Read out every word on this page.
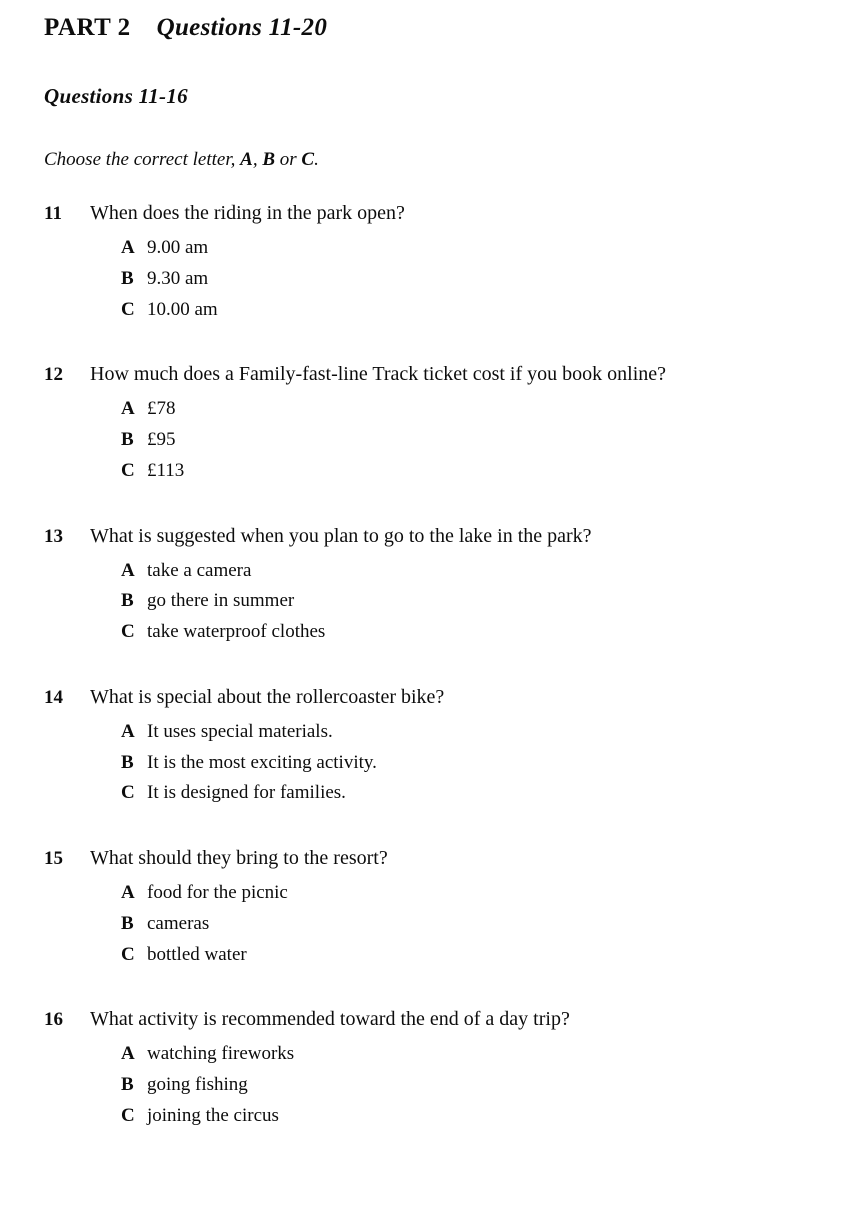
PART 2 Questions 11-20
Questions 11-16
Choose the correct letter, A, B or C.
11	When does the riding in the park open?
A 9.00 am
B 9.30 am
C 10.00 am
12	How much does a Family-fast-line Track ticket cost if you book online?
A £78
B £95
C £113
13	What is suggested when you plan to go to the lake in the park?
A take a camera
B go there in summer
C take waterproof clothes
14	What is special about the rollercoaster bike?
A It uses special materials.
B It is the most exciting activity.
C It is designed for families.
15	What should they bring to the resort?
A food for the picnic
B cameras
C bottled water
16	What activity is recommended toward the end of a day trip?
A watching fireworks
B going fishing
C joining the circus
